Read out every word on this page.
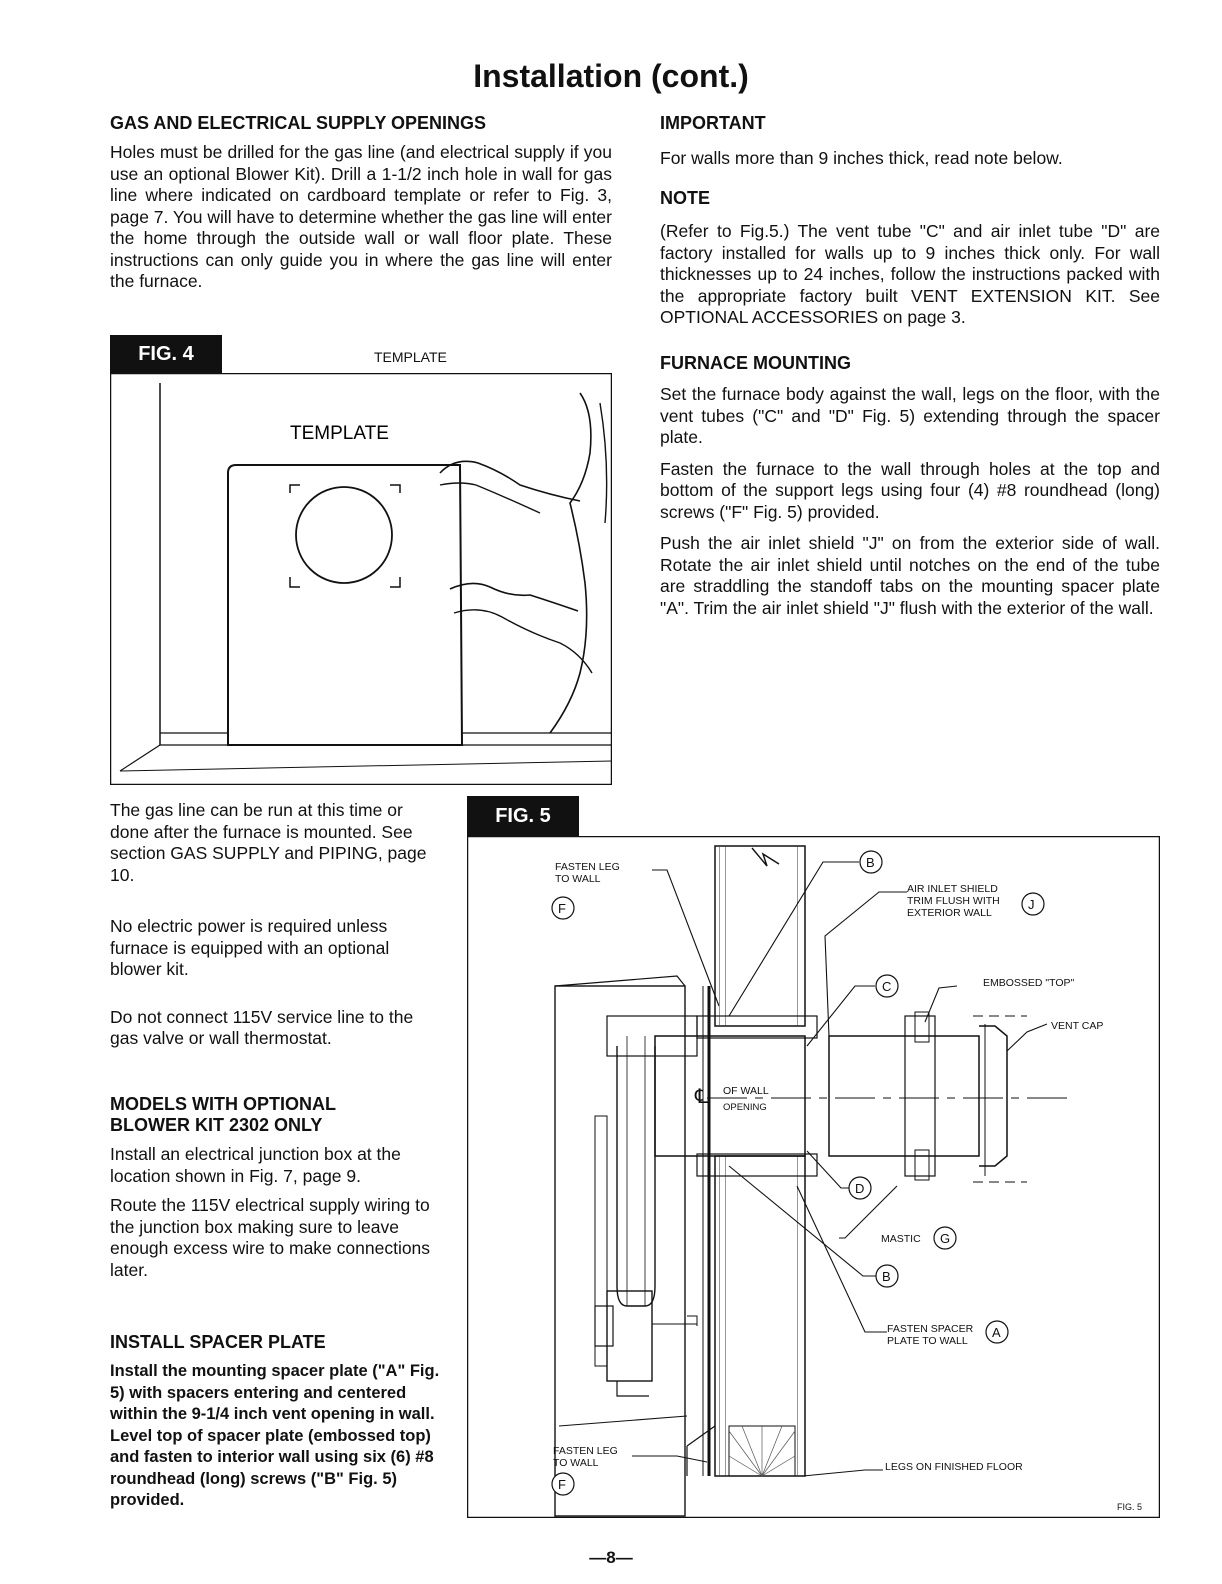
Installation (cont.)
GAS AND ELECTRICAL SUPPLY OPENINGS

Holes must be drilled for the gas line (and electrical supply if you use an optional Blower Kit). Drill a 1-1/2 inch hole in wall for gas line where indicated on cardboard template or refer to Fig. 3, page 7. You will have to determine whether the gas line will enter the home through the outside wall or wall floor plate. These instructions can only guide you in where the gas line will enter the furnace.

FIG. 4	TEMPLATE
TEMPLATE
IMPORTANT

For walls more than 9 inches thick, read note below.

NOTE

(Refer to Fig.5.) The vent tube "C" and air inlet tube "D" are factory installed for walls up to 9 inches thick only. For wall thicknesses up to 24 inches, follow the instructions packed with the appropriate factory built VENT EXTENSION KIT. See OPTIONAL ACCESSORIES on page 3.

FURNACE MOUNTING

Set the furnace body against the wall, legs on the floor, with the vent tubes ("C" and "D" Fig. 5) extending through the spacer plate.

Fasten the furnace to the wall through holes at the top and bottom of the support legs using four (4) #8 roundhead (long) screws ("F" Fig. 5) provided.

Push the air inlet shield "J" on from the exterior side of wall. Rotate the air inlet shield until notches on the end of the tube are straddling the standoff tabs on the mounting spacer plate "A". Trim the air inlet shield "J" flush with the exterior of the wall.

The gas line can be run at this time or done after the furnace is mounted. See section GAS SUPPLY and PIPING, page 10.

No electric power is required unless furnace is equipped with an optional blower kit.

Do not connect 115V service line to the gas valve or wall thermostat.

MODELS WITH OPTIONAL
BLOWER KIT 2302 ONLY

Install an electrical junction box at the location shown in Fig. 7, page 9.

Route the 115V electrical supply wiring to the junction box making sure to leave enough excess wire to make connections later.

INSTALL SPACER PLATE

Install the mounting spacer plate ("A" Fig. 5) with spacers entering and centered within the 9-1/4 inch vent opening in wall. Level top of spacer plate (embossed top) and fasten to interior wall using six (6) #8 roundhead (long) screws ("B" Fig. 5) provided.

FIG. 5
FASTEN LEG
TO WALL
F
B
AIR INLET SHIELD
TRIM FLUSH WITH
EXTERIOR WALL
J
C	EMBOSSED "TOP"
VENT CAP
℄ OF WALL
OPENING
D
MASTIC G
B
FASTEN SPACER
PLATE TO WALL
A
FASTEN LEG
TO WALL
F
LEGS ON FINISHED FLOOR
FIG. 5
—8—
